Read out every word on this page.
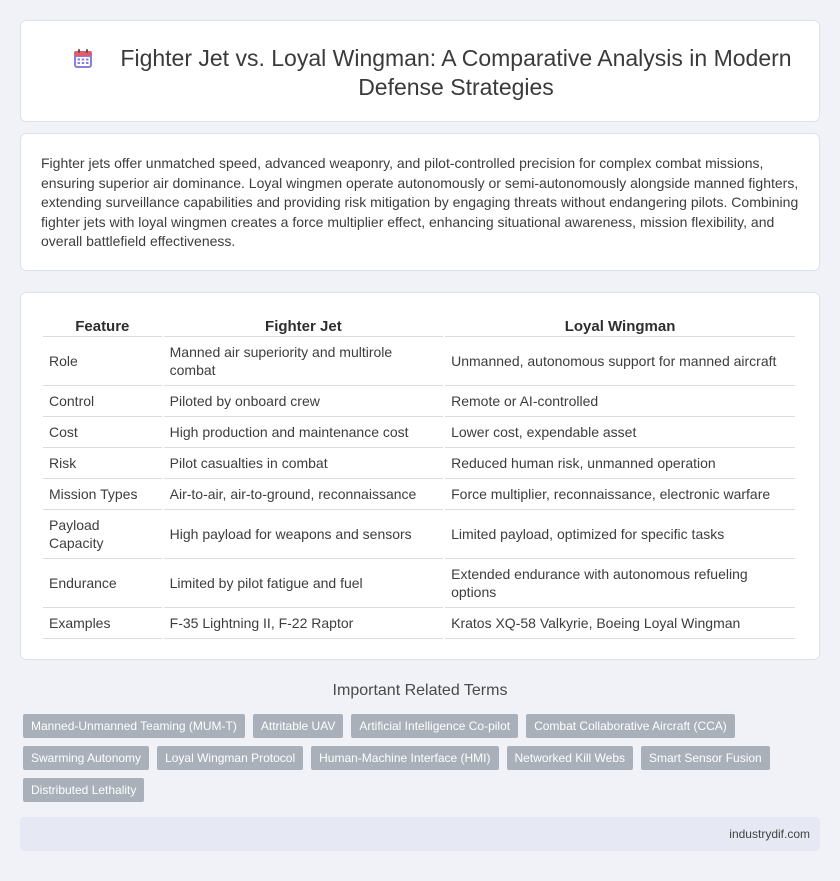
Fighter Jet vs. Loyal Wingman: A Comparative Analysis in Modern Defense Strategies

Fighter jets offer unmatched speed, advanced weaponry, and pilot-controlled precision for complex combat missions, ensuring superior air dominance. Loyal wingmen operate autonomously or semi-autonomously alongside manned fighters, extending surveillance capabilities and providing risk mitigation by engaging threats without endangering pilots. Combining fighter jets with loyal wingmen creates a force multiplier effect, enhancing situational awareness, mission flexibility, and overall battlefield effectiveness.

Feature	Fighter Jet	Loyal Wingman
Role	Manned air superiority and multirole combat	Unmanned, autonomous support for manned aircraft
Control	Piloted by onboard crew	Remote or AI-controlled
Cost	High production and maintenance cost	Lower cost, expendable asset
Risk	Pilot casualties in combat	Reduced human risk, unmanned operation
Mission Types	Air-to-air, air-to-ground, reconnaissance	Force multiplier, reconnaissance, electronic warfare
Payload Capacity	High payload for weapons and sensors	Limited payload, optimized for specific tasks
Endurance	Limited by pilot fatigue and fuel	Extended endurance with autonomous refueling options
Examples	F-35 Lightning II, F-22 Raptor	Kratos XQ-58 Valkyrie, Boeing Loyal Wingman
Important Related Terms
Manned-Unmanned Teaming (MUM-T)	Attritable UAV	Artificial Intelligence Co-pilot	Combat Collaborative Aircraft (CCA)
Swarming Autonomy	Loyal Wingman Protocol	Human-Machine Interface (HMI)	Networked Kill Webs	Smart Sensor Fusion
Distributed Lethality
industrydif.com
